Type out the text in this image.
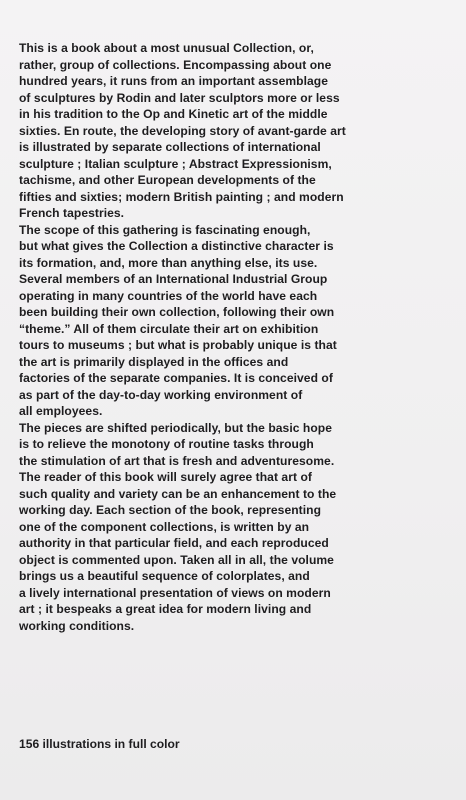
This is a book about a most unusual Collection, or,
rather, group of collections. Encompassing about one
hundred years, it runs from an important assemblage
of sculptures by Rodin and later sculptors more or less
in his tradition to the Op and Kinetic art of the middle
sixties. En route, the developing story of avant-garde art
is illustrated by separate collections of international
sculpture ; Italian sculpture ; Abstract Expressionism,
tachisme, and other European developments of the
fifties and sixties; modern British painting ; and modern
French tapestries.
The scope of this gathering is fascinating enough,
but what gives the Collection a distinctive character is
its formation, and, more than anything else, its use.
Several members of an International Industrial Group
operating in many countries of the world have each
been building their own collection, following their own
“theme.” All of them circulate their art on exhibition
tours to museums ; but what is probably unique is that
the art is primarily displayed in the offices and
factories of the separate companies. It is conceived of
as part of the day-to-day working environment of
all employees.
The pieces are shifted periodically, but the basic hope
is to relieve the monotony of routine tasks through
the stimulation of art that is fresh and adventuresome.
The reader of this book will surely agree that art of
such quality and variety can be an enhancement to the
working day. Each section of the book, representing
one of the component collections, is written by an
authority in that particular field, and each reproduced
object is commented upon. Taken all in all, the volume
brings us a beautiful sequence of colorplates, and
a lively international presentation of views on modern
art ; it bespeaks a great idea for modern living and
working conditions.
156 illustrations in full color
